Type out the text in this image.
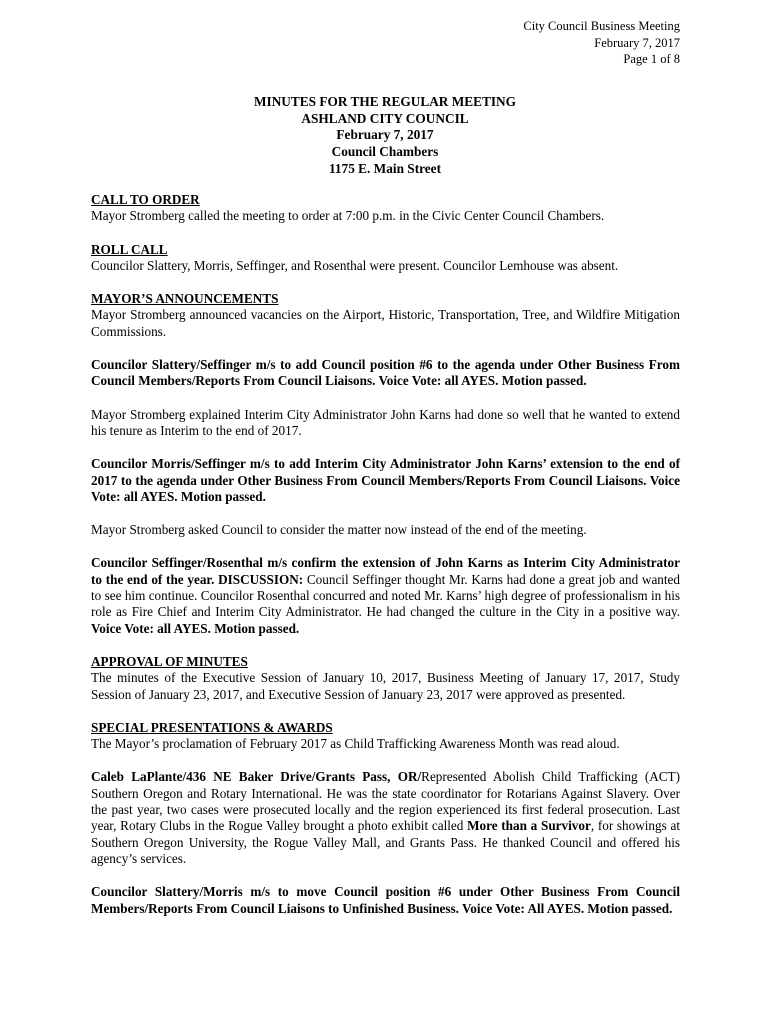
City Council Business Meeting
February 7, 2017
Page 1 of 8
MINUTES FOR THE REGULAR MEETING
ASHLAND CITY COUNCIL
February 7, 2017
Council Chambers
1175 E. Main Street
CALL TO ORDER
Mayor Stromberg called the meeting to order at 7:00 p.m. in the Civic Center Council Chambers.
ROLL CALL
Councilor Slattery, Morris, Seffinger, and Rosenthal were present. Councilor Lemhouse was absent.
MAYOR’S ANNOUNCEMENTS
Mayor Stromberg announced vacancies on the Airport, Historic, Transportation, Tree, and Wildfire Mitigation Commissions.

Councilor Slattery/Seffinger m/s to add Council position #6 to the agenda under Other Business From Council Members/Reports From Council Liaisons. Voice Vote: all AYES. Motion passed.

Mayor Stromberg explained Interim City Administrator John Karns had done so well that he wanted to extend his tenure as Interim to the end of 2017.

Councilor Morris/Seffinger m/s to add Interim City Administrator John Karns’ extension to the end of 2017 to the agenda under Other Business From Council Members/Reports From Council Liaisons. Voice Vote: all AYES. Motion passed.

Mayor Stromberg asked Council to consider the matter now instead of the end of the meeting.

Councilor Seffinger/Rosenthal m/s confirm the extension of John Karns as Interim City Administrator to the end of the year. DISCUSSION: Council Seffinger thought Mr. Karns had done a great job and wanted to see him continue. Councilor Rosenthal concurred and noted Mr. Karns’ high degree of professionalism in his role as Fire Chief and Interim City Administrator. He had changed the culture in the City in a positive way. Voice Vote: all AYES. Motion passed.

APPROVAL OF MINUTES
The minutes of the Executive Session of January 10, 2017, Business Meeting of January 17, 2017, Study Session of January 23, 2017, and Executive Session of January 23, 2017 were approved as presented.
SPECIAL PRESENTATIONS & AWARDS
The Mayor’s proclamation of February 2017 as Child Trafficking Awareness Month was read aloud.

Caleb LaPlante/436 NE Baker Drive/Grants Pass, OR/Represented Abolish Child Trafficking (ACT) Southern Oregon and Rotary International. He was the state coordinator for Rotarians Against Slavery. Over the past year, two cases were prosecuted locally and the region experienced its first federal prosecution. Last year, Rotary Clubs in the Rogue Valley brought a photo exhibit called More than a Survivor, for showings at Southern Oregon University, the Rogue Valley Mall, and Grants Pass. He thanked Council and offered his agency’s services.

Councilor Slattery/Morris m/s to move Council position #6 under Other Business From Council Members/Reports From Council Liaisons to Unfinished Business. Voice Vote: All AYES. Motion passed.
